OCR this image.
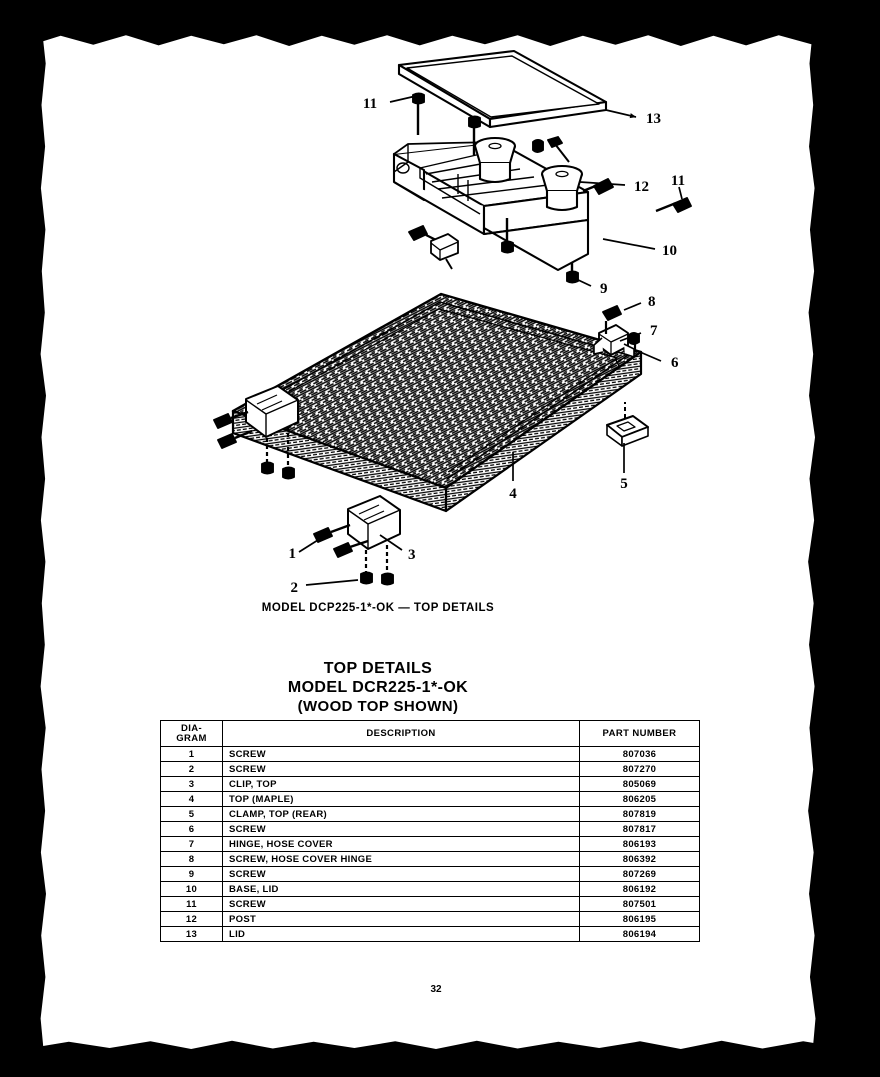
11
13
12 11
10
9
8
7
6
5
4
3
1
2
MODEL DCP225-1*-OK — TOP DETAILS
TOP DETAILS
MODEL DCR225-1*-OK
(WOOD TOP SHOWN)
DIA-
GRAM	DESCRIPTION	PART NUMBER
1	SCREW	807036
2	SCREW	807270
3	CLIP, TOP	805069
4	TOP (MAPLE)	806205
5	CLAMP, TOP (REAR)	807819
6	SCREW	807817
7	HINGE, HOSE COVER	806193
8	SCREW, HOSE COVER HINGE	806392
9	SCREW	807269
10	BASE, LID	806192
11	SCREW	807501
12	POST	806195
13	LID	806194
32
